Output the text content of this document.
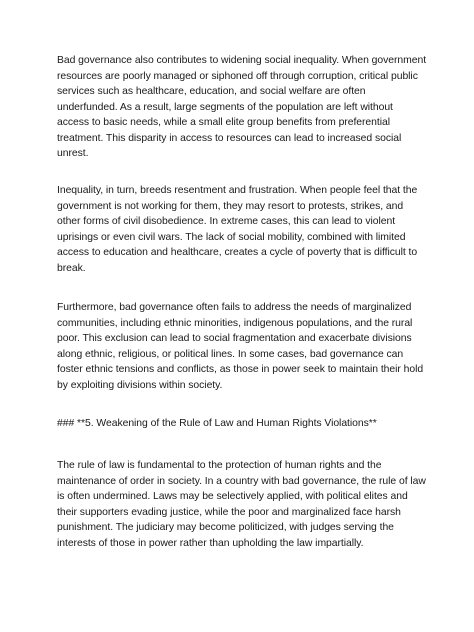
Bad governance also contributes to widening social inequality. When government resources are poorly managed or siphoned off through corruption, critical public services such as healthcare, education, and social welfare are often underfunded. As a result, large segments of the population are left without access to basic needs, while a small elite group benefits from preferential treatment. This disparity in access to resources can lead to increased social unrest.

Inequality, in turn, breeds resentment and frustration. When people feel that the government is not working for them, they may resort to protests, strikes, and other forms of civil disobedience. In extreme cases, this can lead to violent uprisings or even civil wars. The lack of social mobility, combined with limited access to education and healthcare, creates a cycle of poverty that is difficult to break.

Furthermore, bad governance often fails to address the needs of marginalized communities, including ethnic minorities, indigenous populations, and the rural poor. This exclusion can lead to social fragmentation and exacerbate divisions along ethnic, religious, or political lines. In some cases, bad governance can foster ethnic tensions and conflicts, as those in power seek to maintain their hold by exploiting divisions within society.

### **5. Weakening of the Rule of Law and Human Rights Violations**

The rule of law is fundamental to the protection of human rights and the maintenance of order in society. In a country with bad governance, the rule of law is often undermined. Laws may be selectively applied, with political elites and their supporters evading justice, while the poor and marginalized face harsh punishment. The judiciary may become politicized, with judges serving the interests of those in power rather than upholding the law impartially.
